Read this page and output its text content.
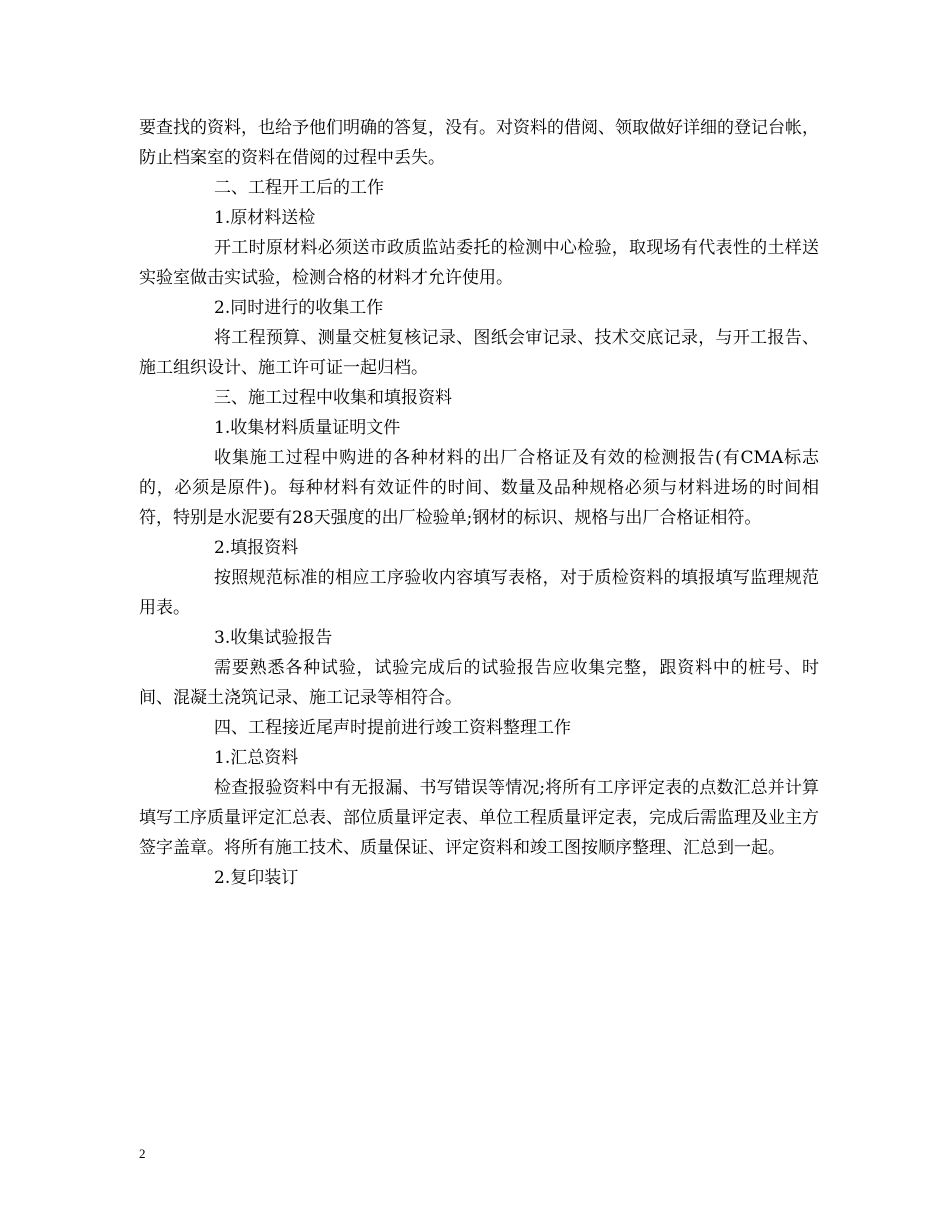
要查找的资料，也给予他们明确的答复，没有。对资料的借阅、领取做好详细的登记台帐，防止档案室的资料在借阅的过程中丢失。

二、工程开工后的工作

1.原材料送检

开工时原材料必须送市政质监站委托的检测中心检验，取现场有代表性的土样送实验室做击实试验，检测合格的材料才允许使用。

2.同时进行的收集工作

将工程预算、测量交桩复核记录、图纸会审记录、技术交底记录，与开工报告、施工组织设计、施工许可证一起归档。

三、施工过程中收集和填报资料

1.收集材料质量证明文件

收集施工过程中购进的各种材料的出厂合格证及有效的检测报告(有CMA标志的，必须是原件)。每种材料有效证件的时间、数量及品种规格必须与材料进场的时间相符，特别是水泥要有28天强度的出厂检验单;钢材的标识、规格与出厂合格证相符。

2.填报资料

按照规范标准的相应工序验收内容填写表格，对于质检资料的填报填写监理规范用表。

3.收集试验报告

需要熟悉各种试验，试验完成后的试验报告应收集完整，跟资料中的桩号、时间、混凝土浇筑记录、施工记录等相符合。

四、工程接近尾声时提前进行竣工资料整理工作

1.汇总资料

检查报验资料中有无报漏、书写错误等情况;将所有工序评定表的点数汇总并计算填写工序质量评定汇总表、部位质量评定表、单位工程质量评定表，完成后需监理及业主方签字盖章。将所有施工技术、质量保证、评定资料和竣工图按顺序整理、汇总到一起。

2.复印装订

2
